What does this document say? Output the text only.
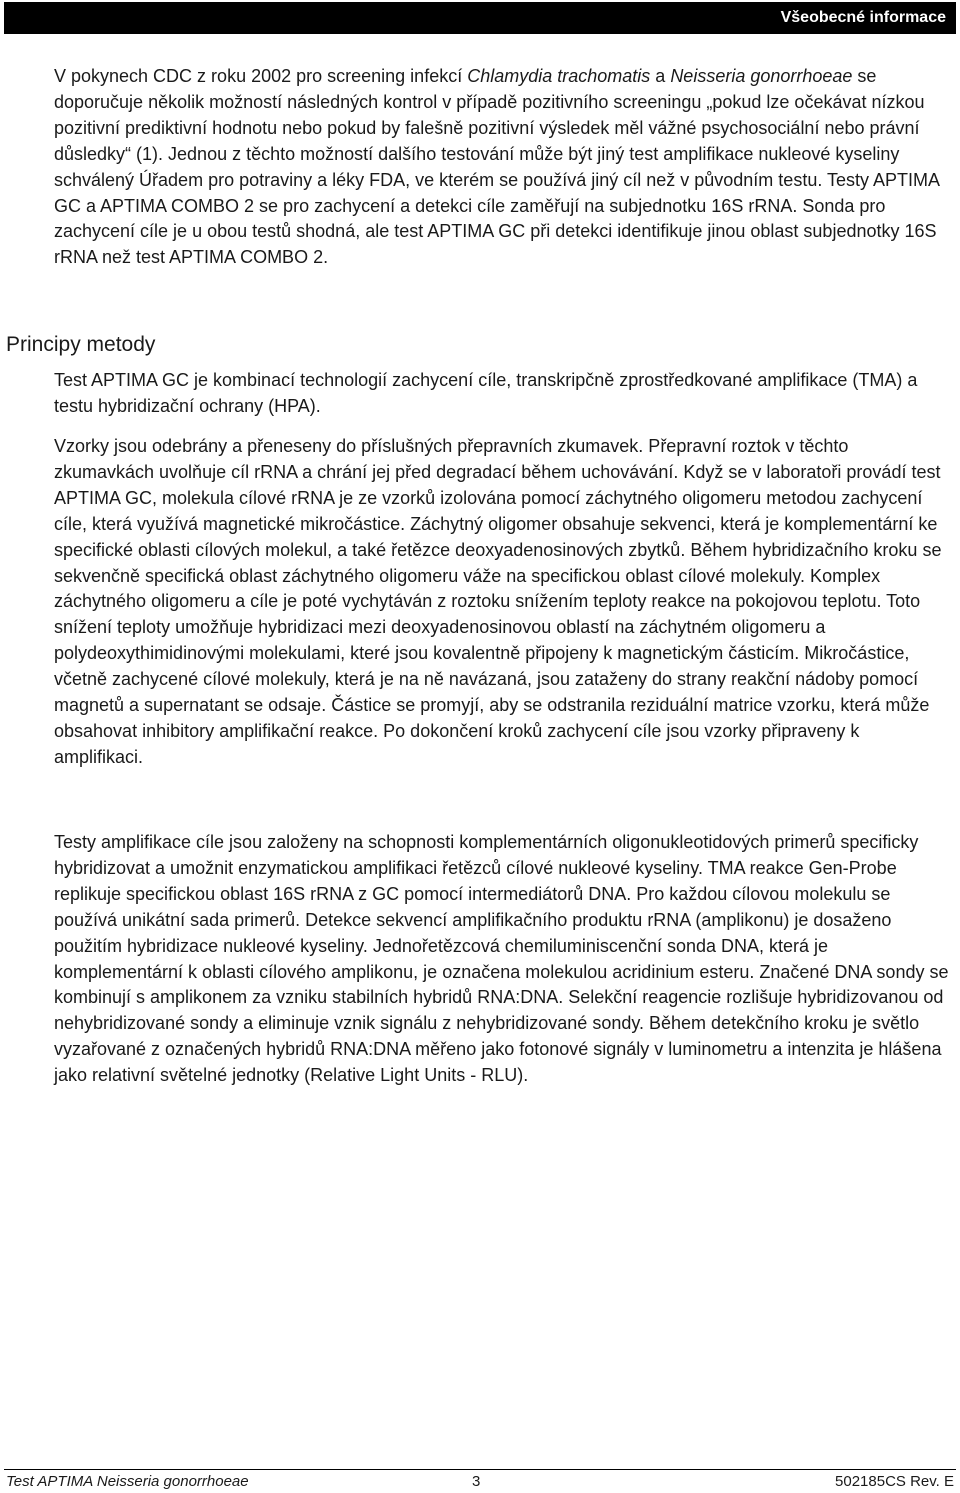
Všeobecné informace

V pokynech CDC z roku 2002 pro screening infekcí Chlamydia trachomatis a Neisseria gonorrhoeae se doporučuje několik možností následných kontrol v případě pozitivního screeningu „pokud lze očekávat nízkou pozitivní prediktivní hodnotu nebo pokud by falešně pozitivní výsledek měl vážné psychosociální nebo právní důsledky“ (1). Jednou z těchto možností dalšího testování může být jiný test amplifikace nukleové kyseliny schválený Úřadem pro potraviny a léky FDA, ve kterém se používá jiný cíl než v původním testu. Testy APTIMA GC a APTIMA COMBO 2 se pro zachycení a detekci cíle zaměřují na subjednotku 16S rRNA. Sonda pro zachycení cíle je u obou testů shodná, ale test APTIMA GC při detekci identifikuje jinou oblast subjednotky 16S rRNA než test APTIMA COMBO 2.

Principy metody

Test APTIMA GC je kombinací technologií zachycení cíle, transkripčně zprostředkované amplifikace (TMA) a testu hybridizační ochrany (HPA).

Vzorky jsou odebrány a přeneseny do příslušných přepravních zkumavek. Přepravní roztok v těchto zkumavkách uvolňuje cíl rRNA a chrání jej před degradací během uchovávání. Když se v laboratoři provádí test APTIMA GC, molekula cílové rRNA je ze vzorků izolována pomocí záchytného oligomeru metodou zachycení cíle, která využívá magnetické mikročástice. Záchytný oligomer obsahuje sekvenci, která je komplementární ke specifické oblasti cílových molekul, a také řetězce deoxyadenosinových zbytků. Během hybridizačního kroku se sekvenčně specifická oblast záchytného oligomeru váže na specifickou oblast cílové molekuly. Komplex záchytného oligomeru a cíle je poté vychytáván z roztoku snížením teploty reakce na pokojovou teplotu. Toto snížení teploty umožňuje hybridizaci mezi deoxyadenosinovou oblastí na záchytném oligomeru a polydeoxythimidinovými molekulami, které jsou kovalentně připojeny k magnetickým částicím. Mikročástice, včetně zachycené cílové molekuly, která je na ně navázaná, jsou zataženy do strany reakční nádoby pomocí magnetů a supernatant se odsaje. Částice se promyjí, aby se odstranila reziduální matrice vzorku, která může obsahovat inhibitory amplifikační reakce. Po dokončení kroků zachycení cíle jsou vzorky připraveny k amplifikaci.

Testy amplifikace cíle jsou založeny na schopnosti komplementárních oligonukleotidových primerů specificky hybridizovat a umožnit enzymatickou amplifikaci řetězců cílové nukleové kyseliny. TMA reakce Gen-Probe replikuje specifickou oblast 16S rRNA z GC pomocí intermediátorů DNA. Pro každou cílovou molekulu se používá unikátní sada primerů. Detekce sekvencí amplifikačního produktu rRNA (amplikonu) je dosaženo použitím hybridizace nukleové kyseliny. Jednořetězcová chemiluminiscenční sonda DNA, která je komplementární k oblasti cílového amplikonu, je označena molekulou acridinium esteru. Značené DNA sondy se kombinují s amplikonem za vzniku stabilních hybridů RNA:DNA. Selekční reagencie rozlišuje hybridizovanou od nehybridizované sondy a eliminuje vznik signálu z nehybridizované sondy. Během detekčního kroku je světlo vyzařované z označených hybridů RNA:DNA měřeno jako fotonové signály v luminometru a intenzita je hlášena jako relativní světelné jednotky (Relative Light Units - RLU).

Test APTIMA Neisseria gonorrhoeae	3	502185CS Rev. E
